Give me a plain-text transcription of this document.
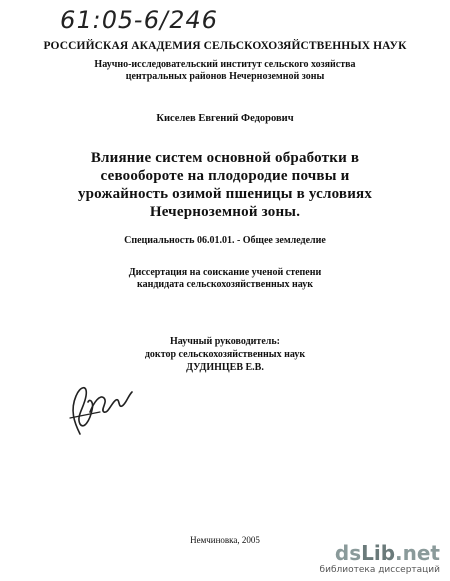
61:05-6/246
РОССИЙСКАЯ АКАДЕМИЯ СЕЛЬСКОХОЗЯЙСТВЕННЫХ НАУК
Научно-исследовательский институт сельского хозяйства
центральных районов Нечерноземной зоны
Киселев Евгений Федорович
Влияние систем основной обработки в
севообороте на плодородие почвы и
урожайность озимой пшеницы в условиях
Нечерноземной зоны.
Специальность 06.01.01. - Общее земледелие
Диссертация на соискание ученой степени
кандидата сельскохозяйственных наук
Научный руководитель:
доктор сельскохозяйственных наук
ДУДИНЦЕВ Е.В.
Немчиновка, 2005
dsLib.net
библиотека диссертаций
